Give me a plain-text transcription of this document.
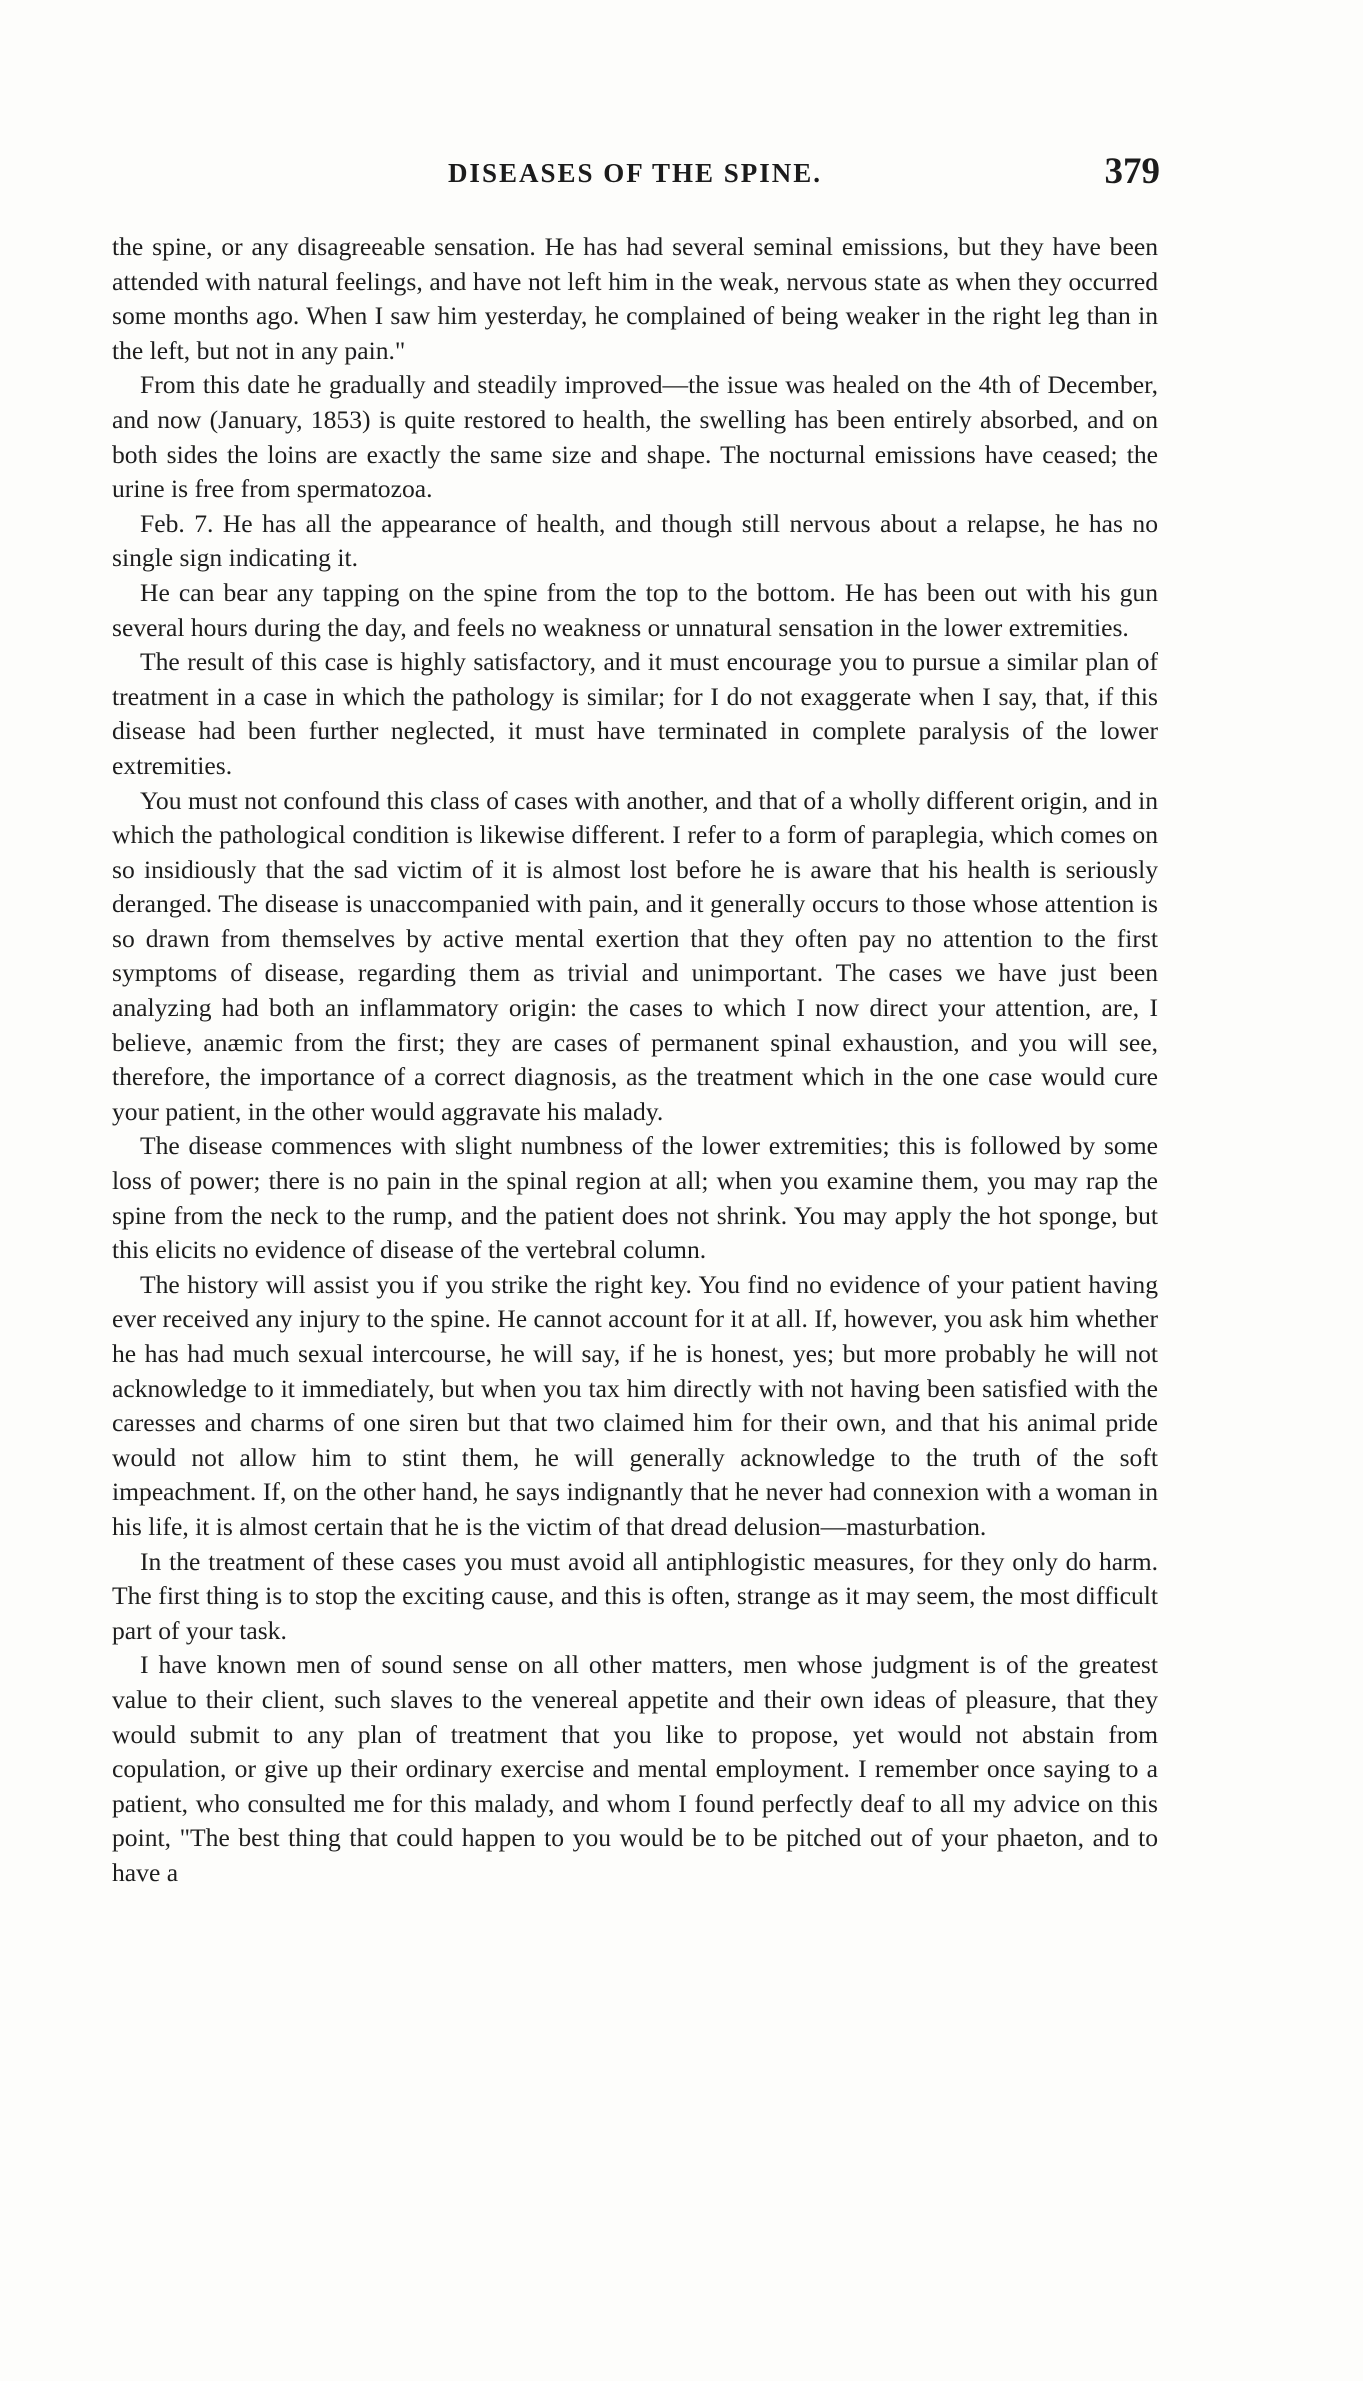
DISEASES OF THE SPINE.	379

the spine, or any disagreeable sensation. He has had several seminal emissions, but they have been attended with natural feelings, and have not left him in the weak, nervous state as when they occurred some months ago. When I saw him yesterday, he complained of being weaker in the right leg than in the left, but not in any pain."

From this date he gradually and steadily improved—the issue was healed on the 4th of December, and now (January, 1853) is quite restored to health, the swelling has been entirely absorbed, and on both sides the loins are exactly the same size and shape. The nocturnal emissions have ceased; the urine is free from spermatozoa.

Feb. 7. He has all the appearance of health, and though still nervous about a relapse, he has no single sign indicating it.

He can bear any tapping on the spine from the top to the bottom. He has been out with his gun several hours during the day, and feels no weakness or unnatural sensation in the lower extremities.

The result of this case is highly satisfactory, and it must encourage you to pursue a similar plan of treatment in a case in which the pathology is similar; for I do not exaggerate when I say, that, if this disease had been further neglected, it must have terminated in complete paralysis of the lower extremities.

You must not confound this class of cases with another, and that of a wholly different origin, and in which the pathological condition is likewise different. I refer to a form of paraplegia, which comes on so insidiously that the sad victim of it is almost lost before he is aware that his health is seriously deranged. The disease is unaccompanied with pain, and it generally occurs to those whose attention is so drawn from themselves by active mental exertion that they often pay no attention to the first symptoms of disease, regarding them as trivial and unimportant. The cases we have just been analyzing had both an inflammatory origin: the cases to which I now direct your attention, are, I believe, anæmic from the first; they are cases of permanent spinal exhaustion, and you will see, therefore, the importance of a correct diagnosis, as the treatment which in the one case would cure your patient, in the other would aggravate his malady.

The disease commences with slight numbness of the lower extremities; this is followed by some loss of power; there is no pain in the spinal region at all; when you examine them, you may rap the spine from the neck to the rump, and the patient does not shrink. You may apply the hot sponge, but this elicits no evidence of disease of the vertebral column.

The history will assist you if you strike the right key. You find no evidence of your patient having ever received any injury to the spine. He cannot account for it at all. If, however, you ask him whether he has had much sexual intercourse, he will say, if he is honest, yes; but more probably he will not acknowledge to it immediately, but when you tax him directly with not having been satisfied with the caresses and charms of one siren but that two claimed him for their own, and that his animal pride would not allow him to stint them, he will generally acknowledge to the truth of the soft impeachment. If, on the other hand, he says indignantly that he never had connexion with a woman in his life, it is almost certain that he is the victim of that dread delusion—masturbation.

In the treatment of these cases you must avoid all antiphlogistic measures, for they only do harm. The first thing is to stop the exciting cause, and this is often, strange as it may seem, the most difficult part of your task.

I have known men of sound sense on all other matters, men whose judgment is of the greatest value to their client, such slaves to the venereal appetite and their own ideas of pleasure, that they would submit to any plan of treatment that you like to propose, yet would not abstain from copulation, or give up their ordinary exercise and mental employment. I remember once saying to a patient, who consulted me for this malady, and whom I found perfectly deaf to all my advice on this point, "The best thing that could happen to you would be to be pitched out of your phaeton, and to have a
